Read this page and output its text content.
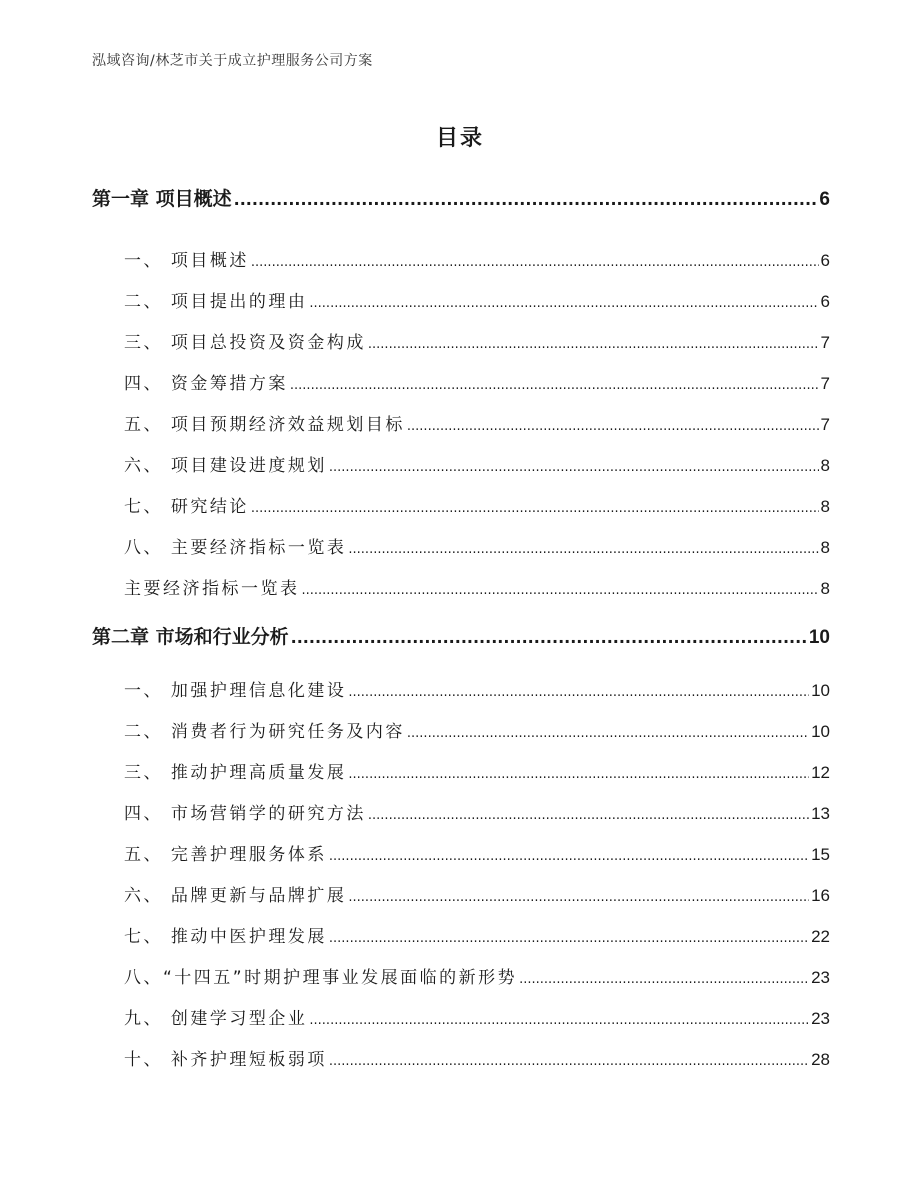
泓域咨询/林芝市关于成立护理服务公司方案
目录
第一章 项目概述 .....	6
一、 项目概述 .....	6
二、 项目提出的理由 .....	6
三、 项目总投资及资金构成 .....	7
四、 资金筹措方案 .....	7
五、 项目预期经济效益规划目标 .....	7
六、 项目建设进度规划 .....	8
七、 研究结论 .....	8
八、 主要经济指标一览表 .....	8
主要经济指标一览表 .....	8
第二章 市场和行业分析 .....	10
一、 加强护理信息化建设 .....	10
二、 消费者行为研究任务及内容 .....	10
三、 推动护理高质量发展 .....	12
四、 市场营销学的研究方法 .....	13
五、 完善护理服务体系 .....	15
六、 品牌更新与品牌扩展 .....	16
七、 推动中医护理发展 .....	22
八、“十四五”时期护理事业发展面临的新形势 .....	23
九、 创建学习型企业 .....	23
十、 补齐护理短板弱项 .....	28
